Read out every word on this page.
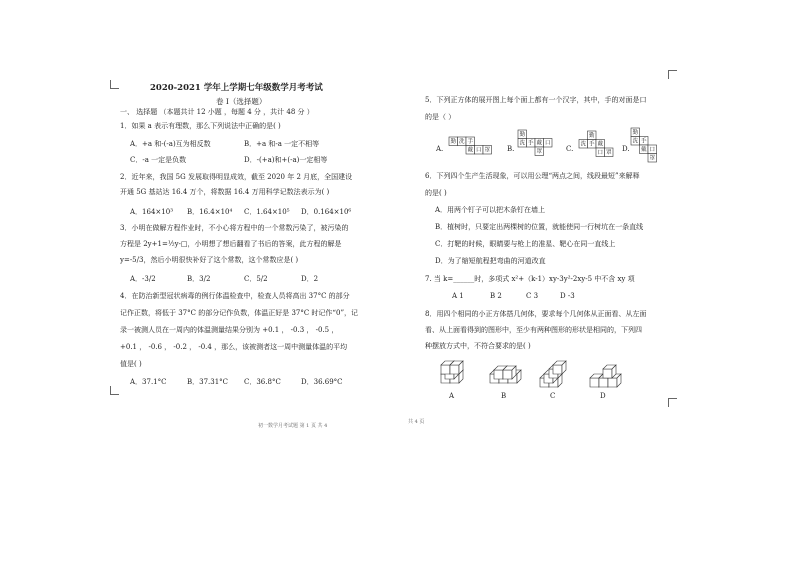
2020-2021 学年上学期七年级数学月考考试
卷 I（选择题）
一、 选择题 （本题共计 12 小题 ，每题 4 分 ，共计 48 分 ）
1．如果 a 表示有理数，那么下列说法中正确的是( )
A．+a 和-(-a)互为相反数	B．+a 和-a 一定不相等
C．-a 一定是负数	D．-(+a)和+(-a)一定相等
2．近年来，我国 5G 发展取得明显成效，截至 2020 年 2 月底，全国建设
开通 5G 基站达 16.4 万个，将数据 16.4 万用科学记数法表示为( )
A．164×10³ B．16.4×10⁴ C．1.64×10⁵ D．0.164×10⁶
3．小明在做解方程作业时，不小心将方程中的一个常数污染了，被污染的
方程是 2y+1=½y-□，小明想了想后翻看了书后的答案，此方程的解是
y=-5/3，然后小明很快补好了这个常数，这个常数应是( )
A．-3/2	B．3/2	C．5/2	D．2
4．在防治新型冠状病毒的例行体温检查中，检查人员将高出 37°C 的部分
记作正数，将低于 37°C 的部分记作负数，体温正好是 37°C 时记作“0”，记
录一被测人员在一周内的体温测量结果分别为 +0.1 ， -0.3 ， -0.5 ，
+0.1 ， -0.6 ， -0.2 ， -0.4 ，那么，该被测者这一周中测量体温的平均
值是( )
A．37.1°C	B．37.31°C C．36.8°C	D．36.69°C
初一数学月考试题 第 1 页 共 4
共 4 页
5．下列正方体的展开图上每个面上都有一个汉字，其中，手的对面是口
的是（ ）
A.	B.	C.	D.
勤 洗 手
戴 口 罩
勤
洗 手 戴 口
罩
勤
洗 手 戴
口 罩
勤
洗 手
戴 口
罩
6．下列四个生产生活现象，可以用公理“两点之间，线段最短”来解释
的是( )
A．用两个钉子可以把木条钉在墙上
B．植树时，只要定出两棵树的位置，就能使同一行树坑在一条直线
C．打靶的时候，眼睛要与枪上的准星、靶心在同一直线上
D．为了缩短航程把弯曲的河道改直
7. 当 k=______时，多项式 x²+（k-1）xy-3y²-2xy-5 中不含 xy 项
A 1	B 2	C 3	D -3
8．用四个相同的小正方体搭几何体，要求每个几何体从正面看、从左面
看、从上面看得到的图形中，至少有两种图形的形状是相同的，下列四
种摆放方式中，不符合要求的是( )
A	B	C	D
